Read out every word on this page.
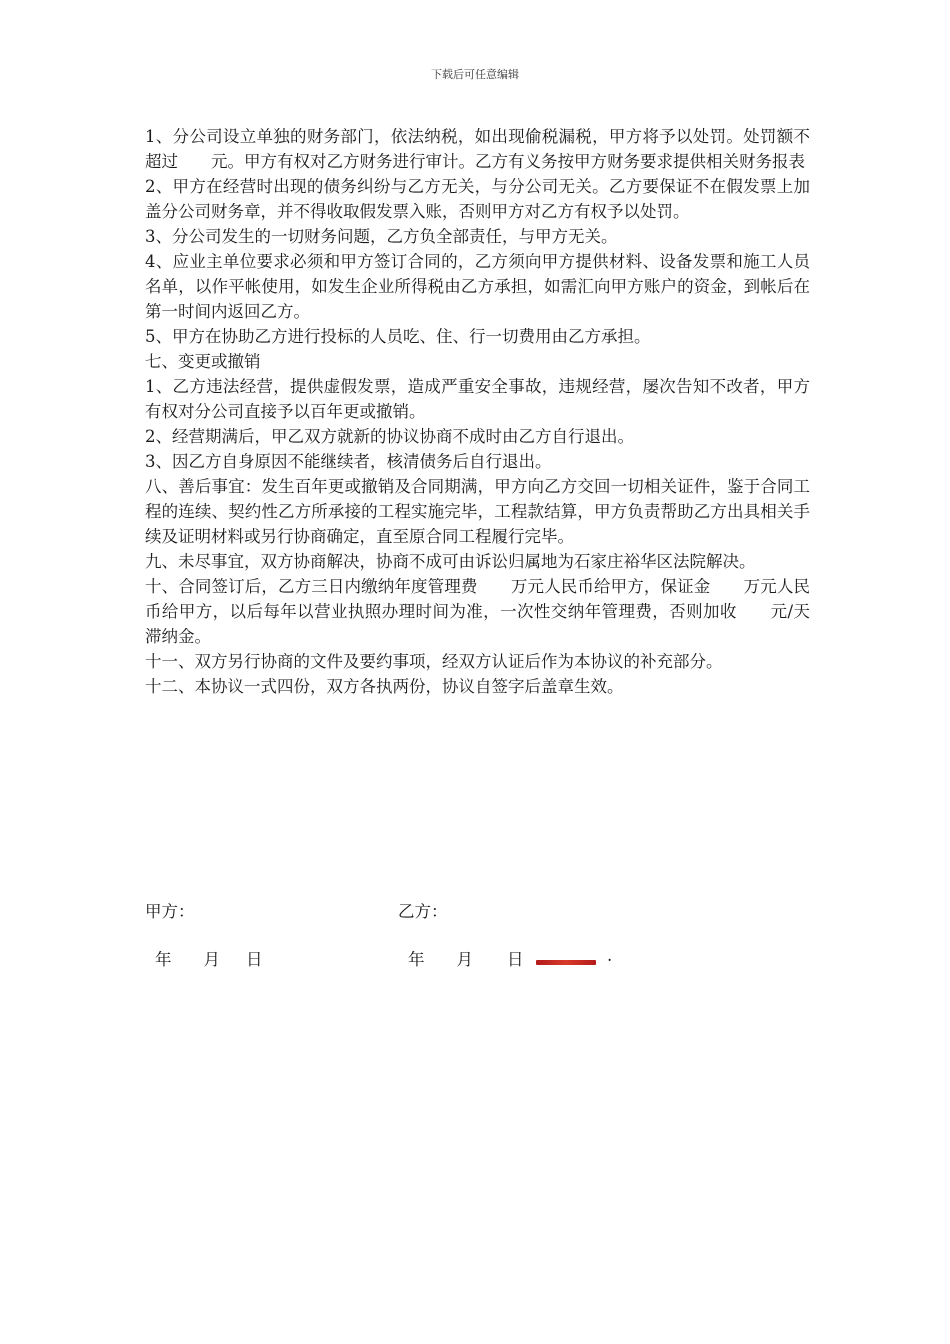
下载后可任意编辑

1、分公司设立单独的财务部门，依法纳税，如出现偷税漏税，甲方将予以处罚。处罚额不超过　　元。甲方有权对乙方财务进行审计。乙方有义务按甲方财务要求提供相关财务报表

2、甲方在经营时出现的债务纠纷与乙方无关，与分公司无关。乙方要保证不在假发票上加盖分公司财务章，并不得收取假发票入账，否则甲方对乙方有权予以处罚。

3、分公司发生的一切财务问题，乙方负全部责任，与甲方无关。

4、应业主单位要求必须和甲方签订合同的，乙方须向甲方提供材料、设备发票和施工人员名单，以作平帐使用，如发生企业所得税由乙方承担，如需汇向甲方账户的资金，到帐后在第一时间内返回乙方。

5、甲方在协助乙方进行投标的人员吃、住、行一切费用由乙方承担。

七、变更或撤销

1、乙方违法经营，提供虚假发票，造成严重安全事故，违规经营，屡次告知不改者，甲方有权对分公司直接予以百年更或撤销。

2、经营期满后，甲乙双方就新的协议协商不成时由乙方自行退出。

3、因乙方自身原因不能继续者，核清债务后自行退出。

八、善后事宜：发生百年更或撤销及合同期满，甲方向乙方交回一切相关证件，鉴于合同工程的连续、契约性乙方所承接的工程实施完毕，工程款结算，甲方负责帮助乙方出具相关手续及证明材料或另行协商确定，直至原合同工程履行完毕。

九、未尽事宜，双方协商解决，协商不成可由诉讼归属地为石家庄裕华区法院解决。

十、合同签订后，乙方三日内缴纳年度管理费　　万元人民币给甲方，保证金　　万元人民币给甲方，以后每年以营业执照办理时间为准，一次性交纳年管理费，否则加收　　元/天滞纳金。

十一、双方另行协商的文件及要约事项，经双方认证后作为本协议的补充部分。

十二、本协议一式四份，双方各执两份，协议自签字后盖章生效。

甲方：	乙方：
年 月 日	年 月 日	.
